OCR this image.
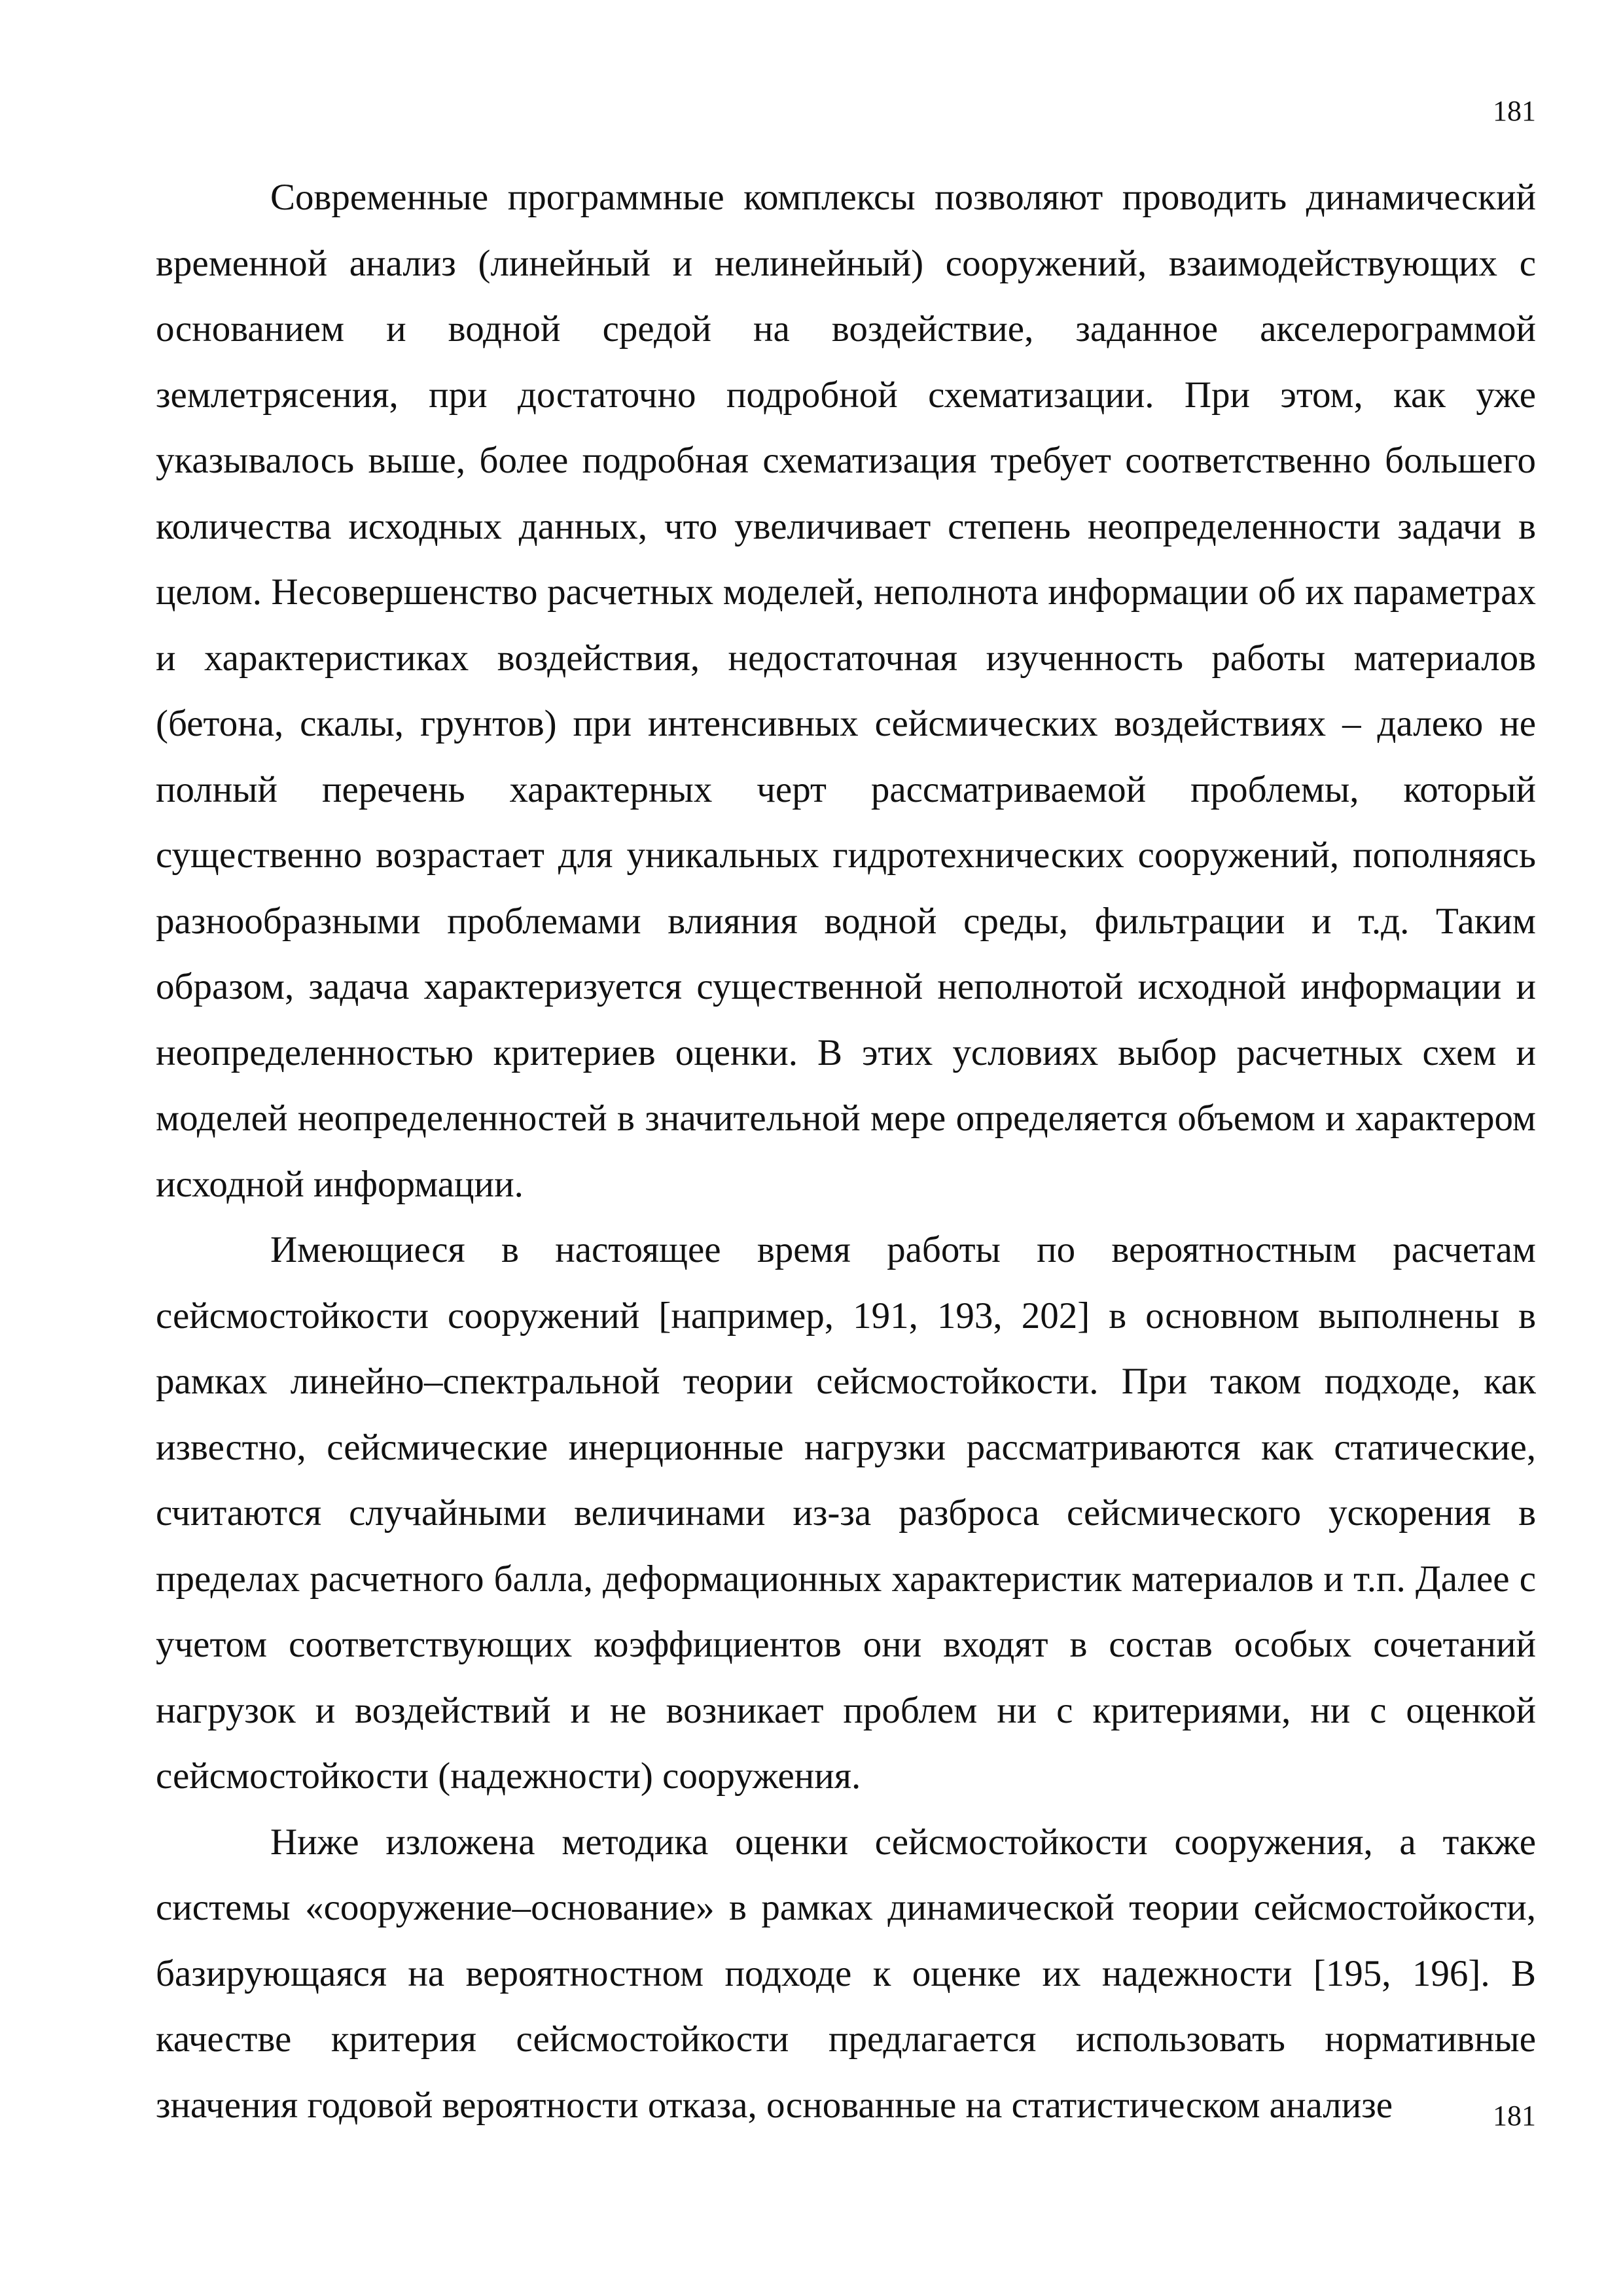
181

Современные программные комплексы позволяют проводить динамический временной анализ (линейный и нелинейный) сооружений, взаимодействующих с основанием и водной средой на воздействие, заданное акселерограммой землетрясения, при достаточно подробной схематизации. При этом, как уже указывалось выше, более подробная схематизация требует соответственно большего количества исходных данных, что увеличивает степень неопределенности задачи в целом. Несовершенство расчетных моделей, неполнота информации об их параметрах и характеристиках воздействия, недостаточная изученность работы материалов (бетона, скалы, грунтов) при интенсивных сейсмических воздействиях – далеко не полный перечень характерных черт рассматриваемой проблемы, который существенно возрастает для уникальных гидротехнических сооружений, пополняясь разнообразными проблемами влияния водной среды, фильтрации и т.д. Таким образом, задача характеризуется существенной неполнотой исходной информации и неопределенностью критериев оценки. В этих условиях выбор расчетных схем и моделей неопределенностей в значительной мере определяется объемом и характером исходной информации.

Имеющиеся в настоящее время работы по вероятностным расчетам сейсмостойкости сооружений [например, 191, 193, 202] в основном выполнены в рамках линейно–спектральной теории сейсмостойкости. При таком подходе, как известно, сейсмические инерционные нагрузки рассматриваются как статические, считаются случайными величинами из-за разброса сейсмического ускорения в пределах расчетного балла, деформационных характеристик материалов и т.п. Далее с учетом соответствующих коэффициентов они входят в состав особых сочетаний нагрузок и воздействий и не возникает проблем ни с критериями, ни с оценкой сейсмостойкости (надежности) сооружения.

Ниже изложена методика оценки сейсмостойкости сооружения, а также системы «сооружение–основание» в рамках динамической теории сейсмостойкости, базирующаяся на вероятностном подходе к оценке их надежности [195, 196]. В качестве критерия сейсмостойкости предлагается использовать нормативные значения годовой вероятности отказа, основанные на статистическом анализе	181
